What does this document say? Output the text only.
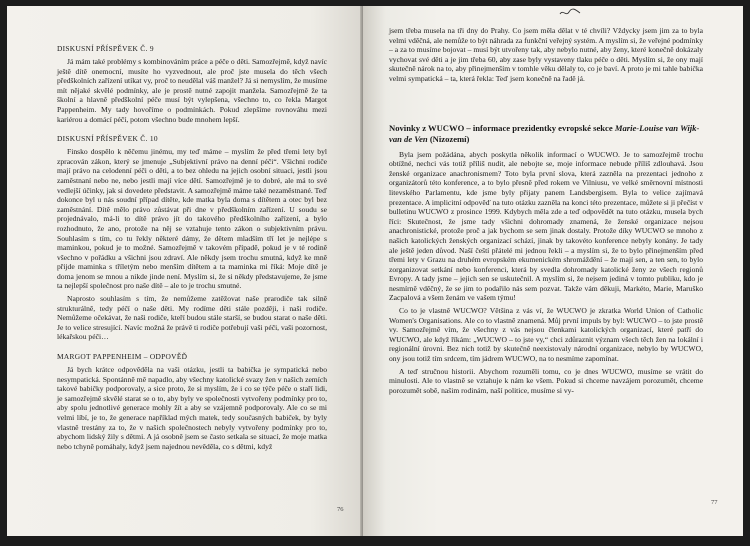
DISKUSNÍ PŘÍSPĚVEK Č. 9

Já mám také problémy s kombinováním práce a péče o děti. Samozřejmě, když navíc ještě dítě onemocní, musíte ho vyzvednout, ale proč jste musela do těch všech předškolních zařízení utíkat vy, proč to neudělal váš manžel? Já si nemyslím, že musíme mít nějaké skvělé podmínky, ale je prostě nutné zapojit manžela. Samozřejmě že ta školní a hlavně předškolní péče musí být vylepšena, všechno to, co řekla Margot Pappenheim. My tady hovoříme o podmínkách. Pokud zlepšíme rovnováhu mezi kariérou a domácí péčí, potom všechno bude mnohem lepší.

DISKUSNÍ PŘÍSPĚVEK Č. 10

Finsko dospělo k něčemu jinému, my teď máme – myslím že před třemi lety byl zpracován zákon, který se jmenuje „Subjektivní právo na denní péči“. Všichni rodiče mají právo na celodenní péči o děti, a to bez ohledu na jejich osobní situaci, jestli jsou zaměstnaní nebo ne, nebo jestli mají více dětí. Samozřejmě je to dobré, ale má to své vedlejší účinky, jak si dovedete představit. A samozřejmě máme také nezaměstnané. Teď dokonce byl u nás soudní případ dítěte, kde matka byla doma s dítětem a otec byl bez zaměstnání. Dítě mělo právo zůstávat při dne v předškolním zařízení. U soudu se projednávalo, má-li to dítě právo jít do takového předškolního zařízení, a bylo rozhodnuto, že ano, protože na něj se vztahuje tento zákon o subjektivním právu. Souhlasím s tím, co tu řekly některé dámy, že dětem mladším tří let je nejlépe s maminkou, pokud je to možné. Samozřejmě v takovém případě, pokud je v té rodině všechno v pořádku a všichni jsou zdraví. Ale někdy jsem trochu smutná, když ke mně přijde maminka s tříletým nebo menším dítětem a ta maminka mi říká: Moje dítě je doma jenom se mnou a nikde jinde není. Myslím si, že si někdy představujeme, že jsme ta nejlepší společnost pro naše dítě – ale to je trochu smutné.

Naprosto souhlasím s tím, že nemůžeme zatěžovat naše prarodiče tak silně strukturálně, tedy péčí o naše děti. My rodíme děti stále později, i naši rodiče. Nemůžeme očekávat, že naši rodiče, kteří budou stále starší, se budou starat o naše děti. Je to velice stresující. Navíc možná že právě ti rodiče potřebují vaši péči, vaši pozornost, lékařskou péči…

MARGOT PAPPENHEIM – ODPOVĚĎ

Já bych krátce odpověděla na vaši otázku, jestli ta babička je sympatická nebo nesympatická. Spontánně mě napadlo, aby všechny katolické svazy žen v našich zemích takové babičky podporovaly, a sice proto, že si myslím, že i co se týče péče o staří lidi, je samozřejmě skvělé starat se o to, aby byly ve společnosti vytvořeny podmínky pro to, aby spolu jednotlivé generace mohly žít a aby se vzájemně podporovaly. Ale co se mi velmi líbí, je to, že generace například mých matek, tedy současných babiček, by byly vlastně trestány za to, že v našich společnostech nebyly vytvořeny podmínky pro to, abychom lidský žily s dětmi. A já osobně jsem se často setkala se situací, že moje matka nebo tchyně pomáhaly, když jsem najednou nevěděla, co s dětmi, když

76

jsem třeba musela na tři dny do Prahy. Co jsem měla dělat v té chvíli? Vždycky jsem jim za to byla velmi vděčná, ale nemůže to být náhrada za funkční veřejný systém. A myslím si, že veřejné podmínky – a za to musíme bojovat – musí být utvořeny tak, aby nebylo nutné, aby ženy, které konečně dokázaly vychovat své děti a je jim třeba 60, aby zase byly vystaveny tlaku péče o děti. Myslím si, že ony mají skutečně nárok na to, aby přinejmenším v tomhle věku dělaly to, co je baví. A proto je mi tahle babička velmi sympatická – ta, která řekla: Teď jsem konečně na řadě já.

Novinky z WUCWO – informace prezidentky evropské sekce Marie-Louise van Wijk-van de Ven (Nizozemí)

Byla jsem požádána, abych poskytla několik informací o WUCWO. Je to samozřejmě trochu obtížné, nechci vás totiž příliš nudit, ale nebojte se, moje informace nebude příliš zdlouhavá. Jsou ženské organizace anachronismem? Toto byla první slova, která zazněla na prezentaci jednoho z organizátorů této konference, a to bylo přesně před rokem ve Vilniusu, ve velké směrnovní místnosti litevského Parlamentu, kde jsme byly přijaty panem Landsbergisem. Byla to velice zajímavá prezentace. A implicitní odpověď na tuto otázku zazněla na konci této prezentace, můžete si ji přečíst v bulletinu WUCWO z prosince 1999. Kdybych měla zde a teď odpovědět na tuto otázku, musela bych říci: Skutečnost, že jsme tady všichni dohromady znamená, že ženské organizace nejsou anachronistické, protože proč a jak bychom se sem jinak dostaly. Protože díky WUCWO se mnoho z našich katolických ženských organizací schází, jinak by takovéto konference nebyly konány. Je tady ale ještě jeden důvod. Naší čeští přátelé mi jednou řekli – a myslím si, že to bylo přinejmenším před třemi lety v Grazu na druhém evropském ekumenickém shromáždění – že mají sen, a ten sen, to bylo zorganizovat setkání nebo konferenci, která by svedla dohromady katolické ženy ze všech regionů Evropy. A tady jsme – jejich sen se uskutečnil. A myslím si, že nejsem jediná v tomto publiku, kdo je nesmírně vděčný, že se jim to podařilo nás sem pozvat. Takže vám děkuji, Markéto, Marie, Maruško Zacpalová a všem ženám ve vašem týmu!

Co to je vlastně WUCWO? Většina z vás ví, že WUCWO je zkratka World Union of Catholic Women's Organisations. Ale co to vlastně znamená. Můj první impuls by byl: WUCWO – to jste prostě vy. Samozřejmě vím, že všechny z vás nejsou členkami katolických organizací, které patří do WUCWO, ale když říkám: „WUCWO – to jste vy,“ chci zdůraznit význam všech těch žen na lokální i regionální úrovni. Bez nich totiž by skutečně neexistovaly národní organizace, nebylo by WUCWO, ony jsou totiž tím srdcem, tím jádrem WUCWO, na to nesmíme zapomínat.

A teď stručnou historii. Abychom rozuměli tomu, co je dnes WUCWO, musíme se vrátit do minulosti. Ale to vlastně se vztahuje k nám ke všem. Pokud si chceme navzájem porozumět, chceme porozumět sobě, našim rodinám, naší politice, musíme si vy-

77
